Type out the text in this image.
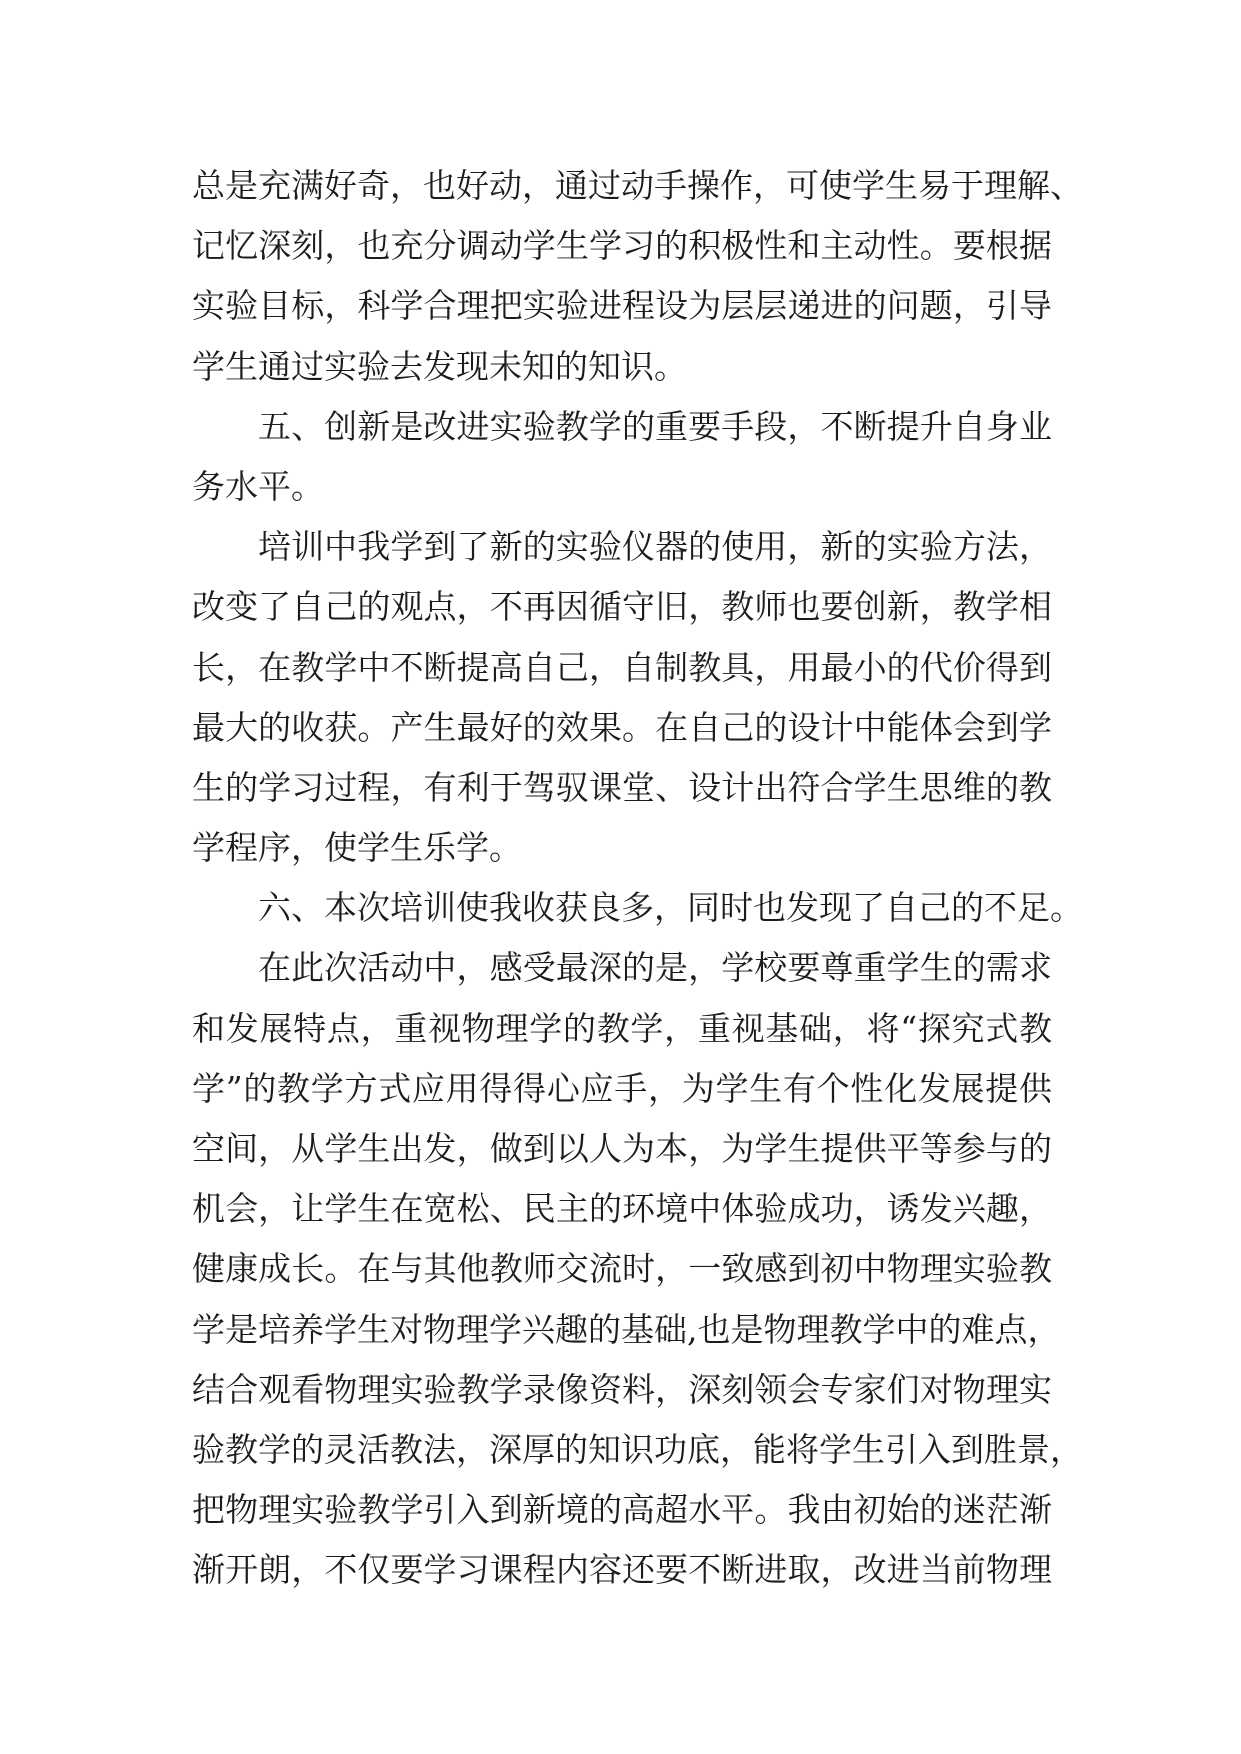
总是充满好奇，也好动，通过动手操作，可使学生易于理解、
记忆深刻，也充分调动学生学习的积极性和主动性。要根据
实验目标，科学合理把实验进程设为层层递进的问题，引导
学生通过实验去发现未知的知识。
五、创新是改进实验教学的重要手段，不断提升自身业
务水平。
培训中我学到了新的实验仪器的使用，新的实验方法，
改变了自己的观点，不再因循守旧，教师也要创新，教学相
长，在教学中不断提高自己，自制教具，用最小的代价得到
最大的收获。产生最好的效果。在自己的设计中能体会到学
生的学习过程，有利于驾驭课堂、设计出符合学生思维的教
学程序，使学生乐学。
六、本次培训使我收获良多，同时也发现了自己的不足。
在此次活动中，感受最深的是，学校要尊重学生的需求
和发展特点，重视物理学的教学，重视基础，将“探究式教
学”的教学方式应用得得心应手，为学生有个性化发展提供
空间，从学生出发，做到以人为本，为学生提供平等参与的
机会，让学生在宽松、民主的环境中体验成功，诱发兴趣，
健康成长。在与其他教师交流时，一致感到初中物理实验教
学是培养学生对物理学兴趣的基础,也是物理教学中的难点，
结合观看物理实验教学录像资料，深刻领会专家们对物理实
验教学的灵活教法，深厚的知识功底，能将学生引入到胜景，
把物理实验教学引入到新境的高超水平。我由初始的迷茫渐
渐开朗，不仅要学习课程内容还要不断进取，改进当前物理
